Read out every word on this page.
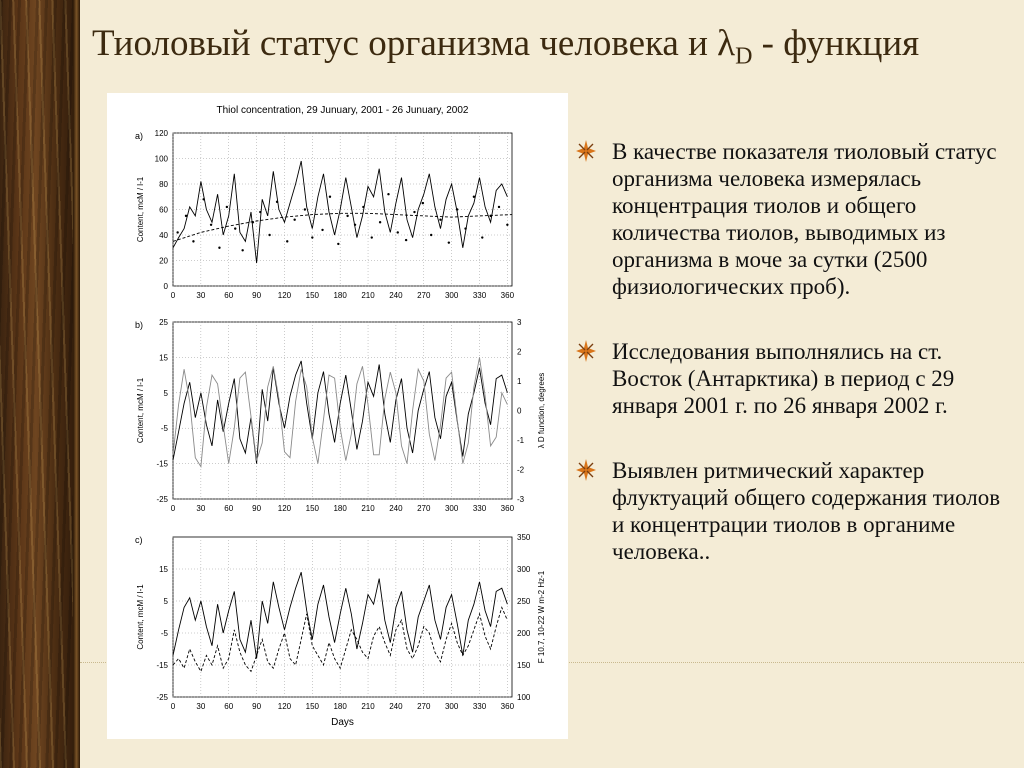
Тиоловый статус организма человека и $\lambda_D$ - функция
0	30 60 90 120 150 180 210 240 270 300 330 360
0
20
40
60
80
100
120
a)
Content, mcM / l-1
Thiol concentration, 29 Junuary, 2001 - 26 Junuary, 2002
0	30 60 90 120 150 180 210 240 270 300 330 360
-25
-15
-5
5
15
25
-3
-2
-1
0
1
2
3
b)
Content, mcM / l-1	λ D function, degrees
0	30 60 90 120 150 180 210 240 270 300 330 360
-25
-15
-5
5
15
100
150
200
250
300
350
c)
Content, mcM / l-1	F 10.7, 10-22 W m-2 Hz-1
Days
В качестве показателя тиоловый статус организма человека измерялась концентрация тиолов и общего количества тиолов, выводимых из организма в моче за сутки (2500 физиологических проб).
Исследования выполнялись на ст. Восток (Антарктика) в период с 29 января 2001 г. по 26 января 2002 г.
Выявлен ритмический характер флуктуаций общего содержания тиолов и концентрации тиолов в органиме человека..
